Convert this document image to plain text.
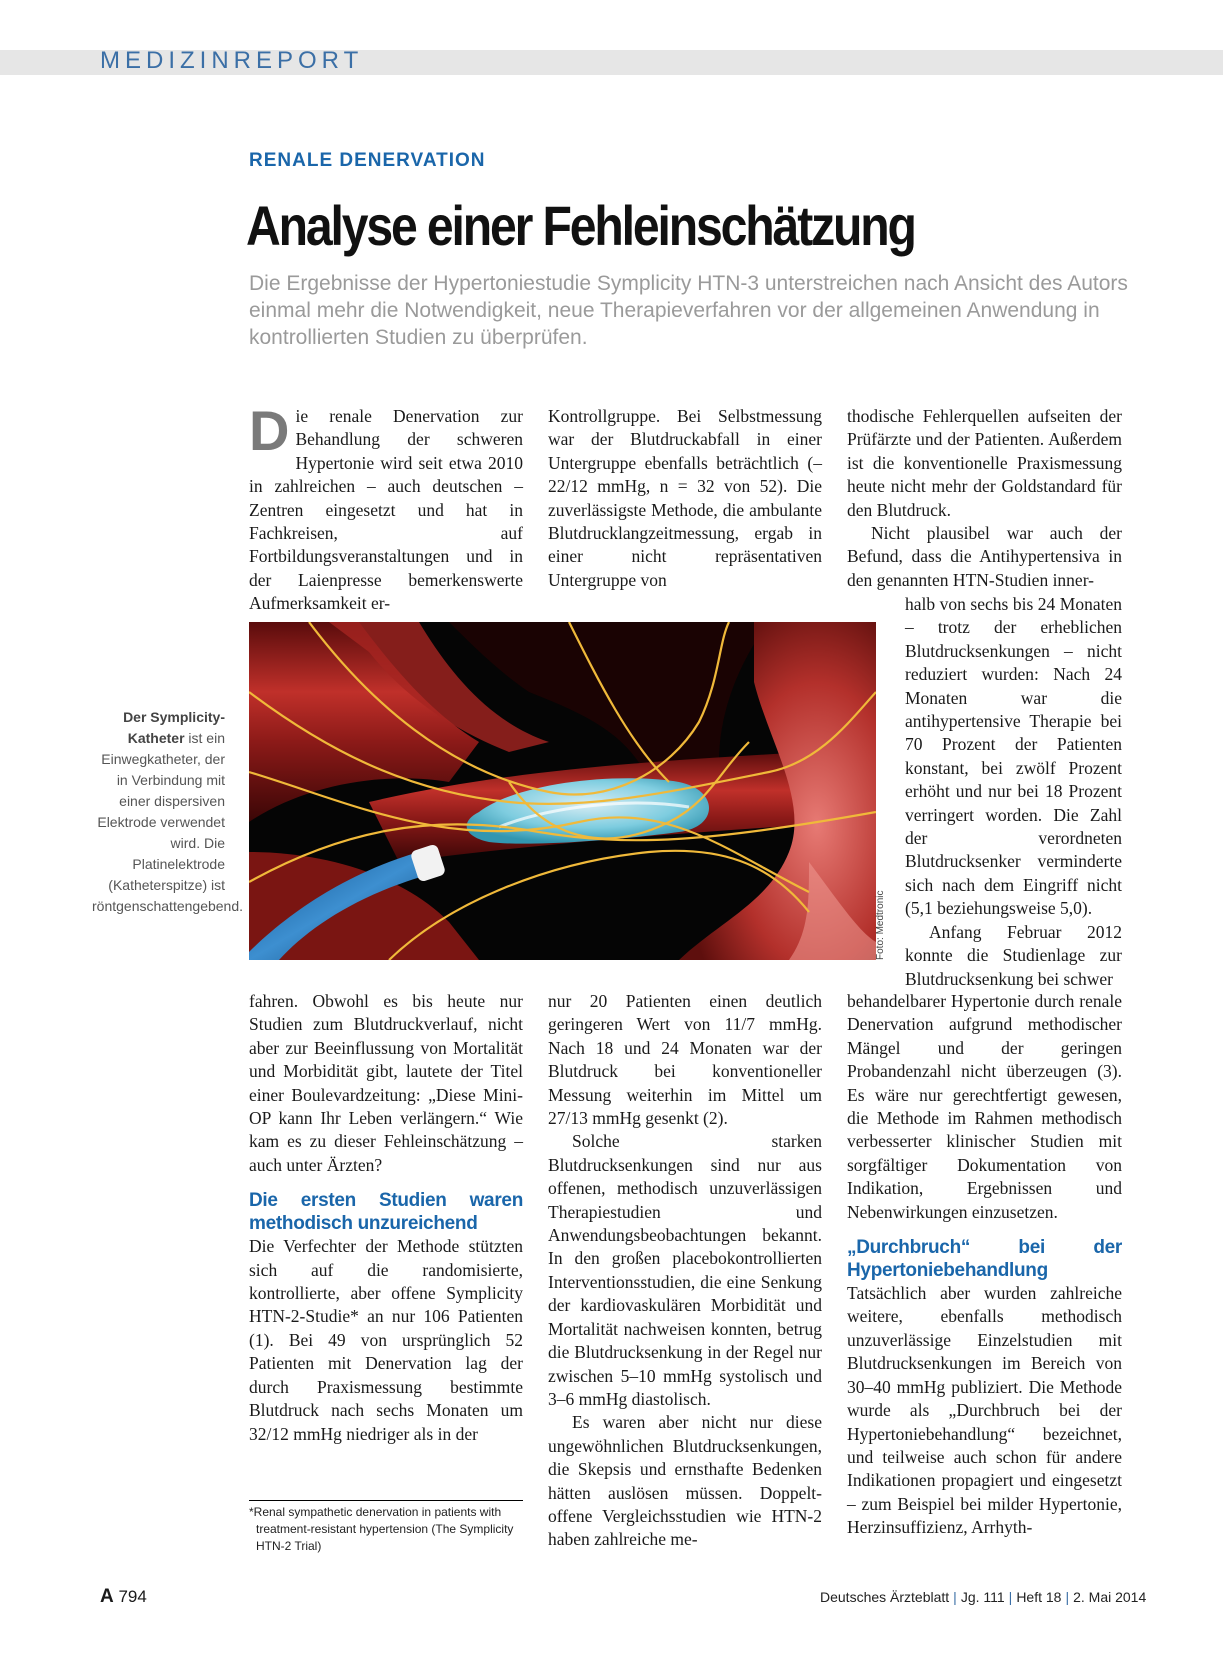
MEDIZINREPORT
RENALE DENERVATION
Analyse einer Fehleinschätzung
Die Ergebnisse der Hypertoniestudie Symplicity HTN-3 unterstreichen nach Ansicht des Autors einmal mehr die Notwendigkeit, neue Therapieverfahren vor der allgemeinen Anwendung in kontrollierten Studien zu überprüfen.

Die renale Denervation zur Behandlung der schweren Hypertonie wird seit etwa 2010 in zahlreichen – auch deutschen – Zentren eingesetzt und hat in Fachkreisen, auf Fortbildungsveranstaltungen und in der Laienpresse bemerkenswerte Aufmerksamkeit er-

Kontrollgruppe. Bei Selbstmessung war der Blutdruckabfall in einer Untergruppe ebenfalls beträchtlich (–22/12 mmHg, n = 32 von 52). Die zuverlässigste Methode, die ambulante Blutdrucklangzeitmessung, ergab in einer nicht repräsentativen Untergruppe von

thodische Fehlerquellen aufseiten der Prüfärzte und der Patienten. Außerdem ist die konventionelle Praxismessung heute nicht mehr der Goldstandard für den Blutdruck.

Nicht plausibel war auch der Befund, dass die Antihypertensiva in den genannten HTN-Studien inner-

halb von sechs bis 24 Monaten – trotz der erheblichen Blutdrucksenkungen – nicht reduziert wurden: Nach 24 Monaten war die antihypertensive Therapie bei 70 Prozent der Patienten konstant, bei zwölf Prozent erhöht und nur bei 18 Prozent verringert worden. Die Zahl der verordneten Blutdrucksenker verminderte sich nach dem Eingriff nicht (5,1 beziehungsweise 5,0).

Anfang Februar 2012 konnte die Studienlage zur Blutdrucksenkung bei schwer

Foto: Medtronic
Der Symplicity-Katheter ist ein Einwegkatheter, der in Verbindung mit einer dispersiven Elektrode verwendet wird. Die Platinelektrode (Katheterspitze) ist röntgenschattengebend.

behandelbarer Hypertonie durch renale Denervation aufgrund methodischer Mängel und der geringen Probandenzahl nicht überzeugen (3). Es wäre nur gerechtfertigt gewesen, die Methode im Rahmen methodisch verbesserter klinischer Studien mit sorgfältiger Dokumentation von Indikation, Ergebnissen und Nebenwirkungen einzusetzen.

„Durchbruch“ bei der Hypertoniebehandlung

Tatsächlich aber wurden zahlreiche weitere, ebenfalls methodisch unzuverlässige Einzelstudien mit Blutdrucksenkungen im Bereich von 30–40 mmHg publiziert. Die Methode wurde als „Durchbruch bei der Hypertoniebehandlung“ bezeichnet, und teilweise auch schon für andere Indikationen propagiert und eingesetzt – zum Beispiel bei milder Hypertonie, Herzinsuffizienz, Arrhyth-

fahren. Obwohl es bis heute nur Studien zum Blutdruckverlauf, nicht aber zur Beeinflussung von Mortalität und Morbidität gibt, lautete der Titel einer Boulevardzeitung: „Diese Mini-OP kann Ihr Leben verlängern.“ Wie kam es zu dieser Fehleinschätzung – auch unter Ärzten?

Die ersten Studien waren methodisch unzureichend

Die Verfechter der Methode stützten sich auf die randomisierte, kontrollierte, aber offene Symplicity HTN-2-Studie* an nur 106 Patienten (1). Bei 49 von ursprünglich 52 Patienten mit Denervation lag der durch Praxismessung bestimmte Blutdruck nach sechs Monaten um 32/12 mmHg niedriger als in der

nur 20 Patienten einen deutlich geringeren Wert von 11/7 mmHg. Nach 18 und 24 Monaten war der Blutdruck bei konventioneller Messung weiterhin im Mittel um 27/13 mmHg gesenkt (2).

Solche starken Blutdrucksenkungen sind nur aus offenen, methodisch unzuverlässigen Therapiestudien und Anwendungsbeobachtungen bekannt. In den großen placebokontrollierten Interventionsstudien, die eine Senkung der kardiovaskulären Morbidität und Mortalität nachweisen konnten, betrug die Blutdrucksenkung in der Regel nur zwischen 5–10 mmHg systolisch und 3–6 mmHg diastolisch.

Es waren aber nicht nur diese ungewöhnlichen Blutdrucksenkungen, die Skepsis und ernsthafte Bedenken hätten auslösen müssen. Doppelt-offene Vergleichsstudien wie HTN-2 haben zahlreiche me-

*Renal sympathetic denervation in patients with
treatment-resistant hypertension (The Symplicity
HTN-2 Trial)
A 794	Deutsches Ärzteblatt | Jg. 111 | Heft 18 | 2. Mai 2014
